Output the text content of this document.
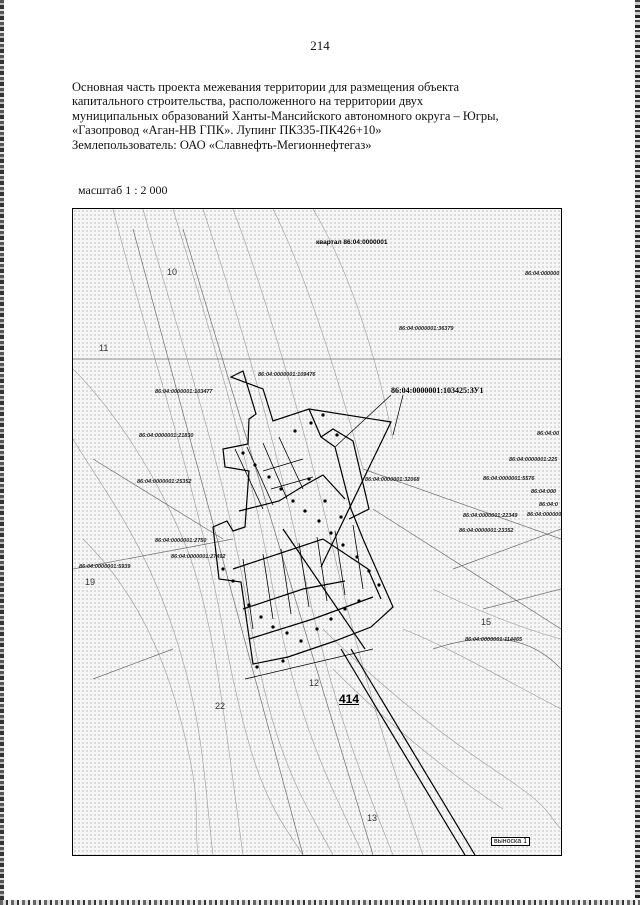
214
Основная часть проекта межевания территории для размещения объекта
капитального строительства, расположенного на территории двух
муниципальных образований Ханты-Мансийского автономного округа – Югры,
«Газопровод «Аган-НВ ГПК». Лупинг ПК335-ПК426+10»
Землепользователь: ОАО «Славнефть-Мегионнефтегаз»
масштаб 1 : 2 000
квартал 86:04:0000001
86:04:0000001:103425:ЗУ1
414
выноска 1
10
11
19
22
12
13
15
86:04:000000
86:04:0000001:36379
86:04:0000001:109476
86:04:0000001:103477
86:04:0000001:21830	86:04:00
86:04:0000001:225
86:04:0000001:25352	86:04:0000001:32068	86:04:0000001:5576
86:04:000
86:04:0
86:04:000000
86:04:0000001:22349
86:04:0000001:23352
86:04:0000001:2750
86:04:0000001:27492
86:04:0000001:5939
86:04:0000001:114465
